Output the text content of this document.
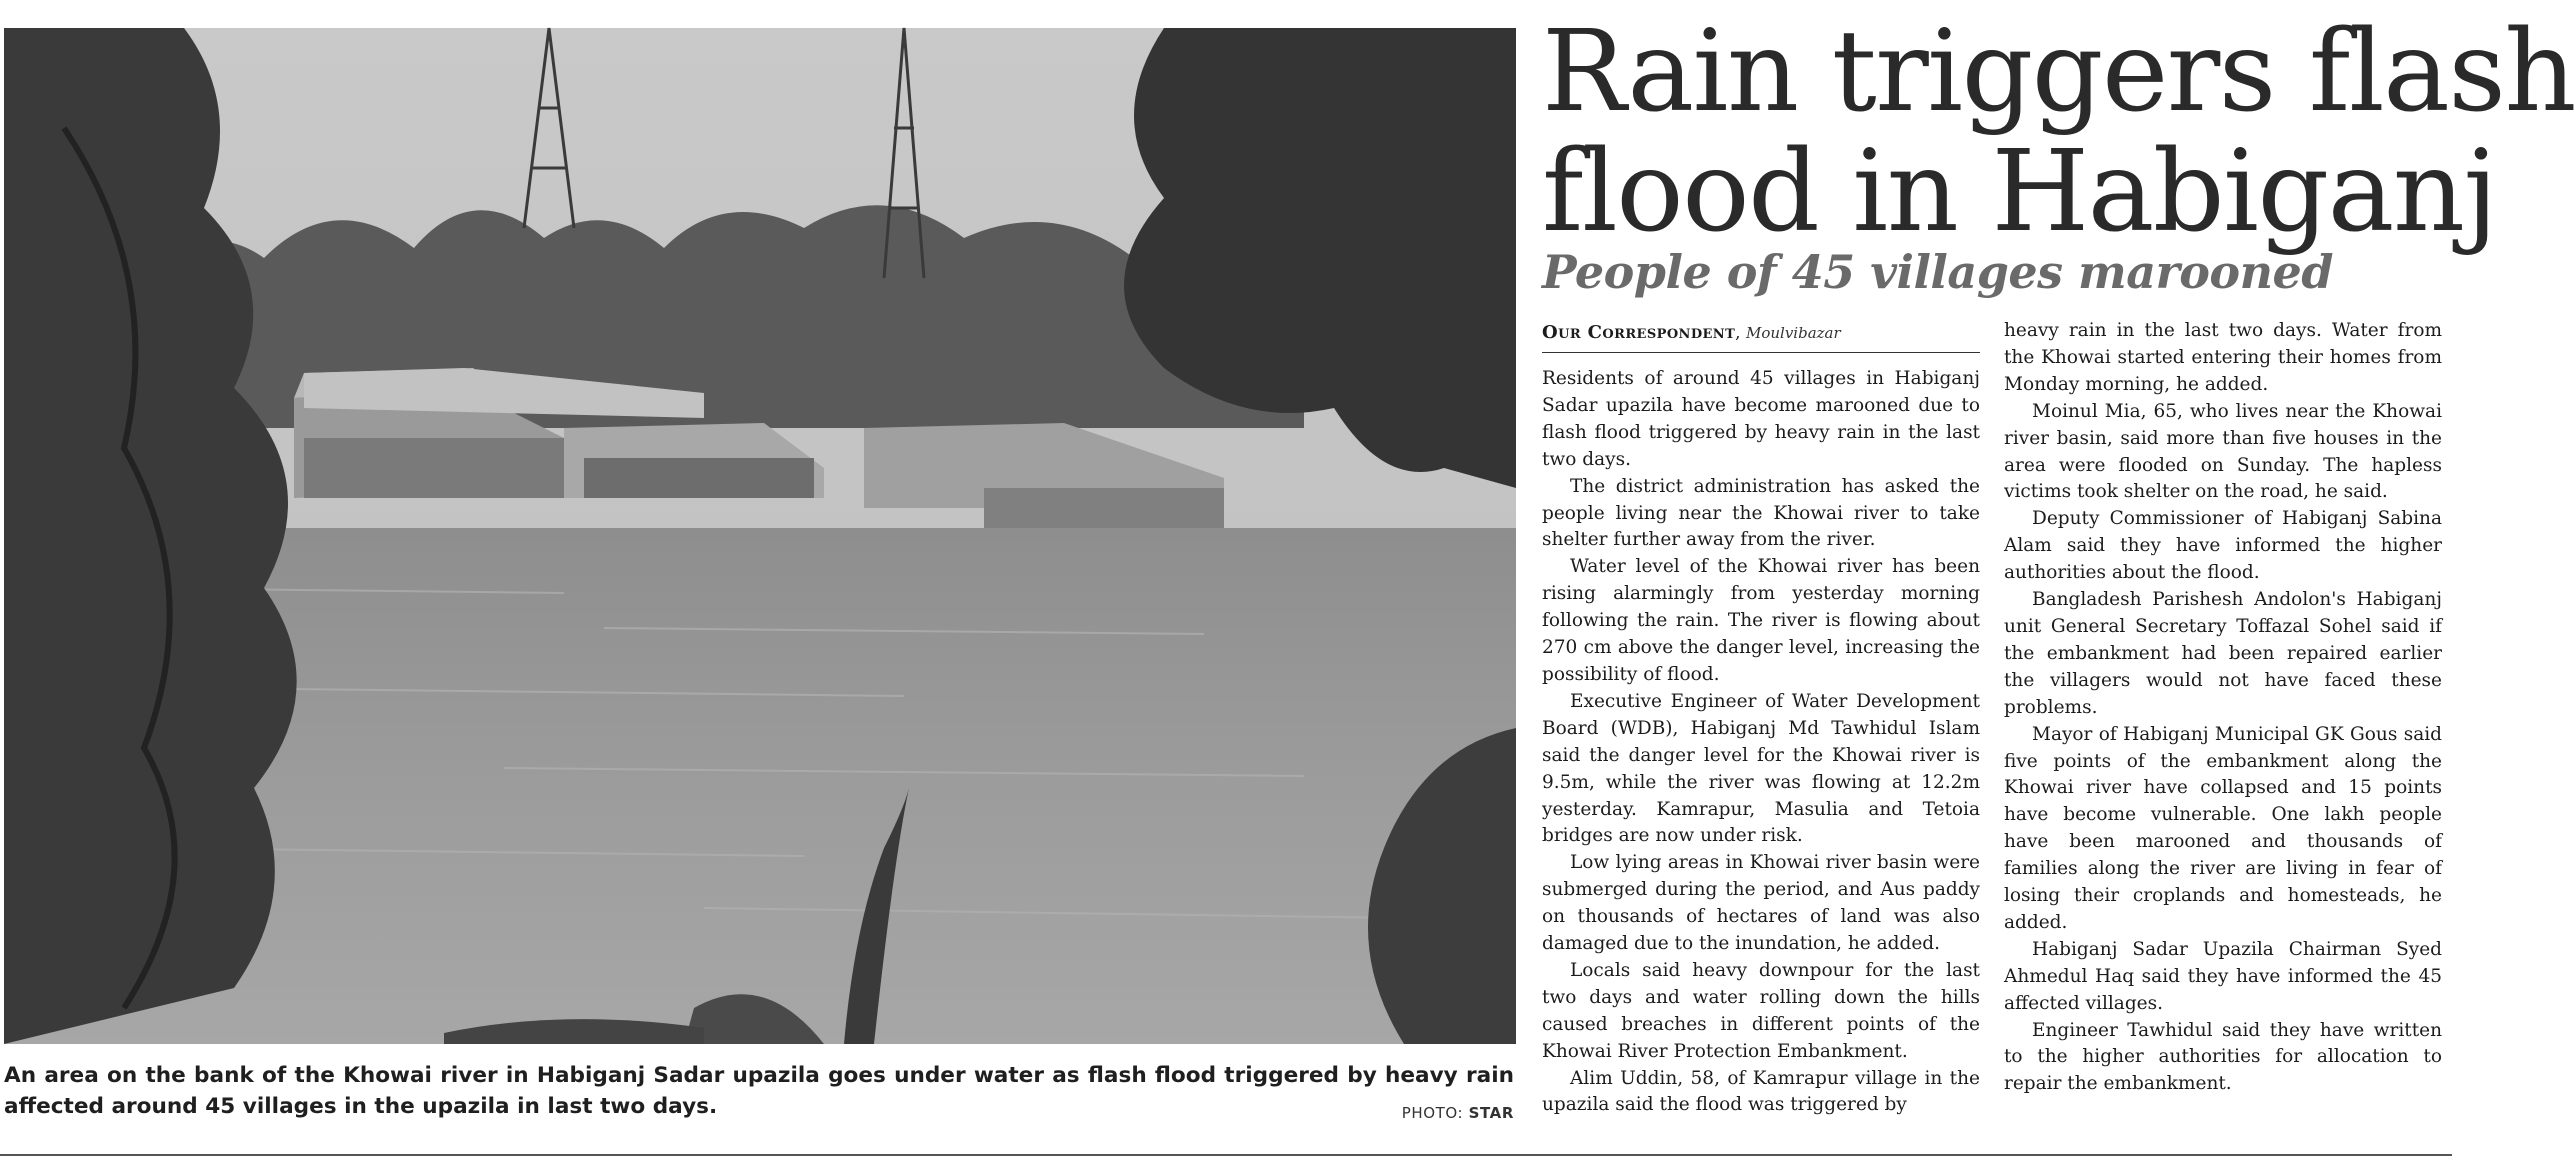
An area on the bank of the Khowai river in Habiganj Sadar upazila goes under water as flash flood triggered by heavy rain affected around 45 villages in the upazila in last two days.	PHOTO: STAR
Rain triggers flash
flood in Habiganj
People of 45 villages marooned
Our Correspondent, Moulvibazar

Residents of around 45 villages in Habiganj Sadar upazila have become marooned due to flash flood triggered by heavy rain in the last two days.

The district administration has asked the people living near the Khowai river to take shelter further away from the river.

Water level of the Khowai river has been rising alarmingly from yesterday morning following the rain. The river is flowing about 270 cm above the danger level, increasing the possibility of flood.

Executive Engineer of Water Development Board (WDB), Habiganj Md Tawhidul Islam said the danger level for the Khowai river is 9.5m, while the river was flowing at 12.2m yesterday. Kamrapur, Masulia and Tetoia bridges are now under risk.

Low lying areas in Khowai river basin were submerged during the period, and Aus paddy on thousands of hectares of land was also damaged due to the inundation, he added.

Locals said heavy downpour for the last two days and water rolling down the hills caused breaches in different points of the Khowai River Protection Embankment.

Alim Uddin, 58, of Kamrapur village in the upazila said the flood was triggered by

heavy rain in the last two days. Water from the Khowai started entering their homes from Monday morning, he added.

Moinul Mia, 65, who lives near the Khowai river basin, said more than five houses in the area were flooded on Sunday. The hapless victims took shelter on the road, he said.

Deputy Commissioner of Habiganj Sabina Alam said they have informed the higher authorities about the flood.

Bangladesh Parishesh Andolon's Habiganj unit General Secretary Toffazal Sohel said if the embankment had been repaired earlier the villagers would not have faced these problems.

Mayor of Habiganj Municipal GK Gous said five points of the embankment along the Khowai river have collapsed and 15 points have become vulnerable. One lakh people have been marooned and thousands of families along the river are living in fear of losing their croplands and homesteads, he added.

Habiganj Sadar Upazila Chairman Syed Ahmedul Haq said they have informed the 45 affected villages.

Engineer Tawhidul said they have written to the higher authorities for allocation to repair the embankment.
